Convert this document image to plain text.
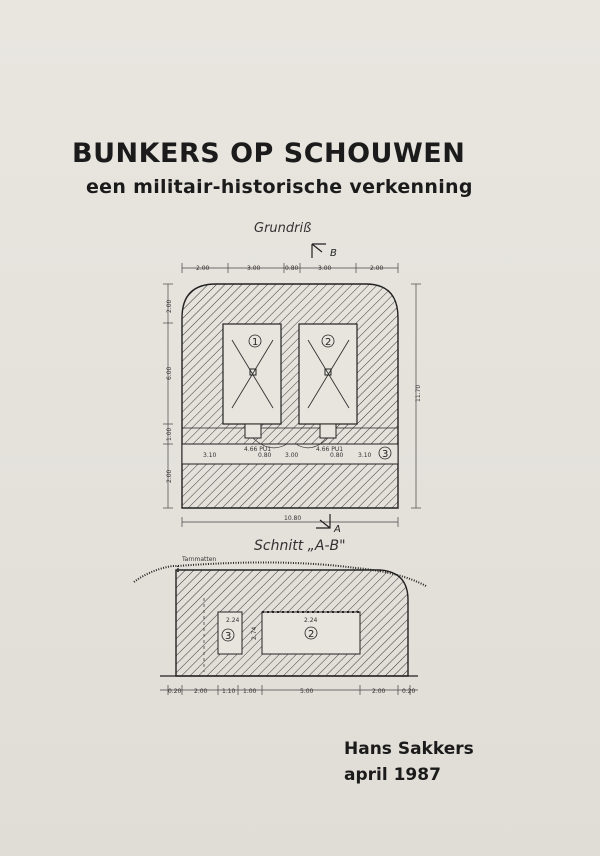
BUNKERS OP SCHOUWEN
een militair-historische verkenning

Grundriß

Schnitt „A-B"

Tarnmatten

B
2.00	3.00	0.80	3.00	2.00
2.00
6.00
1.00
2.00
11.70
1	2
3
4.66 PU1	4.66 PU1
3.10	0.80 3.00	0.80 3.10
10.80
A
3	2
2.24	2.24
2.74
0.20 2.00 1.10 1.00	5.00	2.00	0.20
Hans Sakkers
april 1987
